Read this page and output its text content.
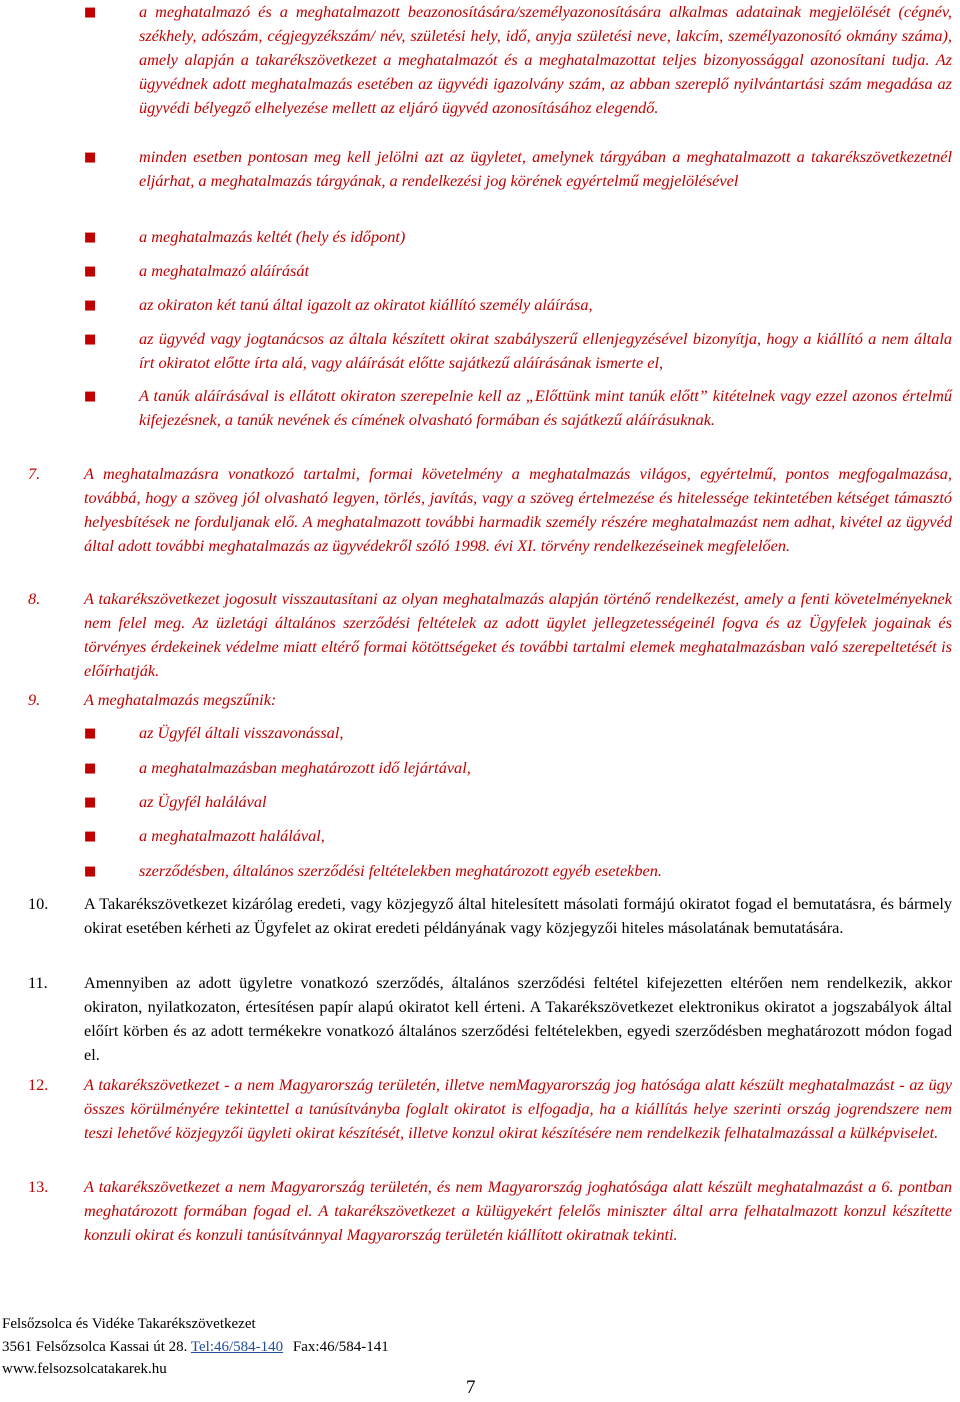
■	a meghatalmazó és a meghatalmazott beazonosítására/személyazonosítására alkalmas adatainak megjelölését (cégnév, székhely, adószám, cégjegyzékszám/ név, születési hely, idő, anyja születési neve, lakcím, személyazonosító okmány száma), amely alapján a takarékszövetkezet a meghatalmazót és a meghatalmazottat teljes bizonyossággal azonosítani tudja. Az ügyvédnek adott meghatalmazás esetében az ügyvédi igazolvány szám, az abban szereplő nyilvántartási szám megadása az ügyvédi bélyegző elhelyezése mellett az eljáró ügyvéd azonosításához elegendő.
■	minden esetben pontosan meg kell jelölni azt az ügyletet, amelynek tárgyában a meghatalmazott a takarékszövetkezetnél eljárhat, a meghatalmazás tárgyának, a rendelkezési jog körének egyértelmű megjelölésével
■	a meghatalmazás keltét (hely és időpont)
■	a meghatalmazó aláírását
■	az okiraton két tanú által igazolt az okiratot kiállító személy aláírása,
■	az ügyvéd vagy jogtanácsos az általa készített okirat szabályszerű ellenjegyzésével bizonyítja, hogy a kiállító a nem általa írt okiratot előtte írta alá, vagy aláírását előtte sajátkezű aláírásának ismerte el,
■	A tanúk aláírásával is ellátott okiraton szerepelnie kell az „Előttünk mint tanúk előtt” kitételnek vagy ezzel azonos értelmű kifejezésnek, a tanúk nevének és címének olvasható formában és sajátkezű aláírásuknak.
7.	A meghatalmazásra vonatkozó tartalmi, formai követelmény a meghatalmazás világos, egyértelmű, pontos megfogalmazása, továbbá, hogy a szöveg jól olvasható legyen, törlés, javítás, vagy a szöveg értelmezése és hitelessége tekintetében kétséget támasztó helyesbítések ne forduljanak elő. A meghatalmazott további harmadik személy részére meghatalmazást nem adhat, kivétel az ügyvéd által adott további meghatalmazás az ügyvédekről szóló 1998. évi XI. törvény rendelkezéseinek megfelelően.
8.	A takarékszövetkezet jogosult visszautasítani az olyan meghatalmazás alapján történő rendelkezést, amely a fenti követelményeknek nem felel meg. Az üzletági általános szerződési feltételek az adott ügylet jellegzetességeinél fogva és az Ügyfelek jogainak és törvényes érdekeinek védelme miatt eltérő formai kötöttségeket és további tartalmi elemek meghatalmazásban való szerepeltetését is előírhatják.
9.	A meghatalmazás megszűnik:
■	az Ügyfél általi visszavonással,
■	a meghatalmazásban meghatározott idő lejártával,
■	az Ügyfél halálával
■	a meghatalmazott halálával,
■	szerződésben, általános szerződési feltételekben meghatározott egyéb esetekben.
10. A Takarékszövetkezet kizárólag eredeti, vagy közjegyző által hitelesített másolati formájú okiratot fogad el bemutatásra, és bármely okirat esetében kérheti az Ügyfelet az okirat eredeti példányának vagy közjegyzői hiteles másolatának bemutatására.
11. Amennyiben az adott ügyletre vonatkozó szerződés, általános szerződési feltétel kifejezetten eltérően nem rendelkezik, akkor okiraton, nyilatkozaton, értesítésen papír alapú okiratot kell érteni. A Takarékszövetkezet elektronikus okiratot a jogszabályok által előírt körben és az adott termékekre vonatkozó általános szerződési feltételekben, egyedi szerződésben meghatározott módon fogad el.
12. A takarékszövetkezet - a nem Magyarország területén, illetve nemMagyarország jog hatósága alatt készült meghatalmazást - az ügy összes körülményére tekintettel a tanúsítványba foglalt okiratot is elfogadja, ha a kiállítás helye szerinti ország jogrendszere nem teszi lehetővé közjegyzői ügyleti okirat készítését, illetve konzul okirat készítésére nem rendelkezik felhatalmazással a külképviselet.
13. A takarékszövetkezet a nem Magyarország területén, és nem Magyarország joghatósága alatt készült meghatalmazást a 6. pontban meghatározott formában fogad el. A takarékszövetkezet a külügyekért felelős miniszter által arra felhatalmazott konzul készítette konzuli okirat és konzuli tanúsítvánnyal Magyarország területén kiállított okiratnak tekinti.
Felsőzsolca és Vidéke Takarékszövetkezet
3561 Felsőzsolca Kassai út 28. Tel:46/584-140 Fax:46/584-141
www.felsozsolcatakarek.hu
7
